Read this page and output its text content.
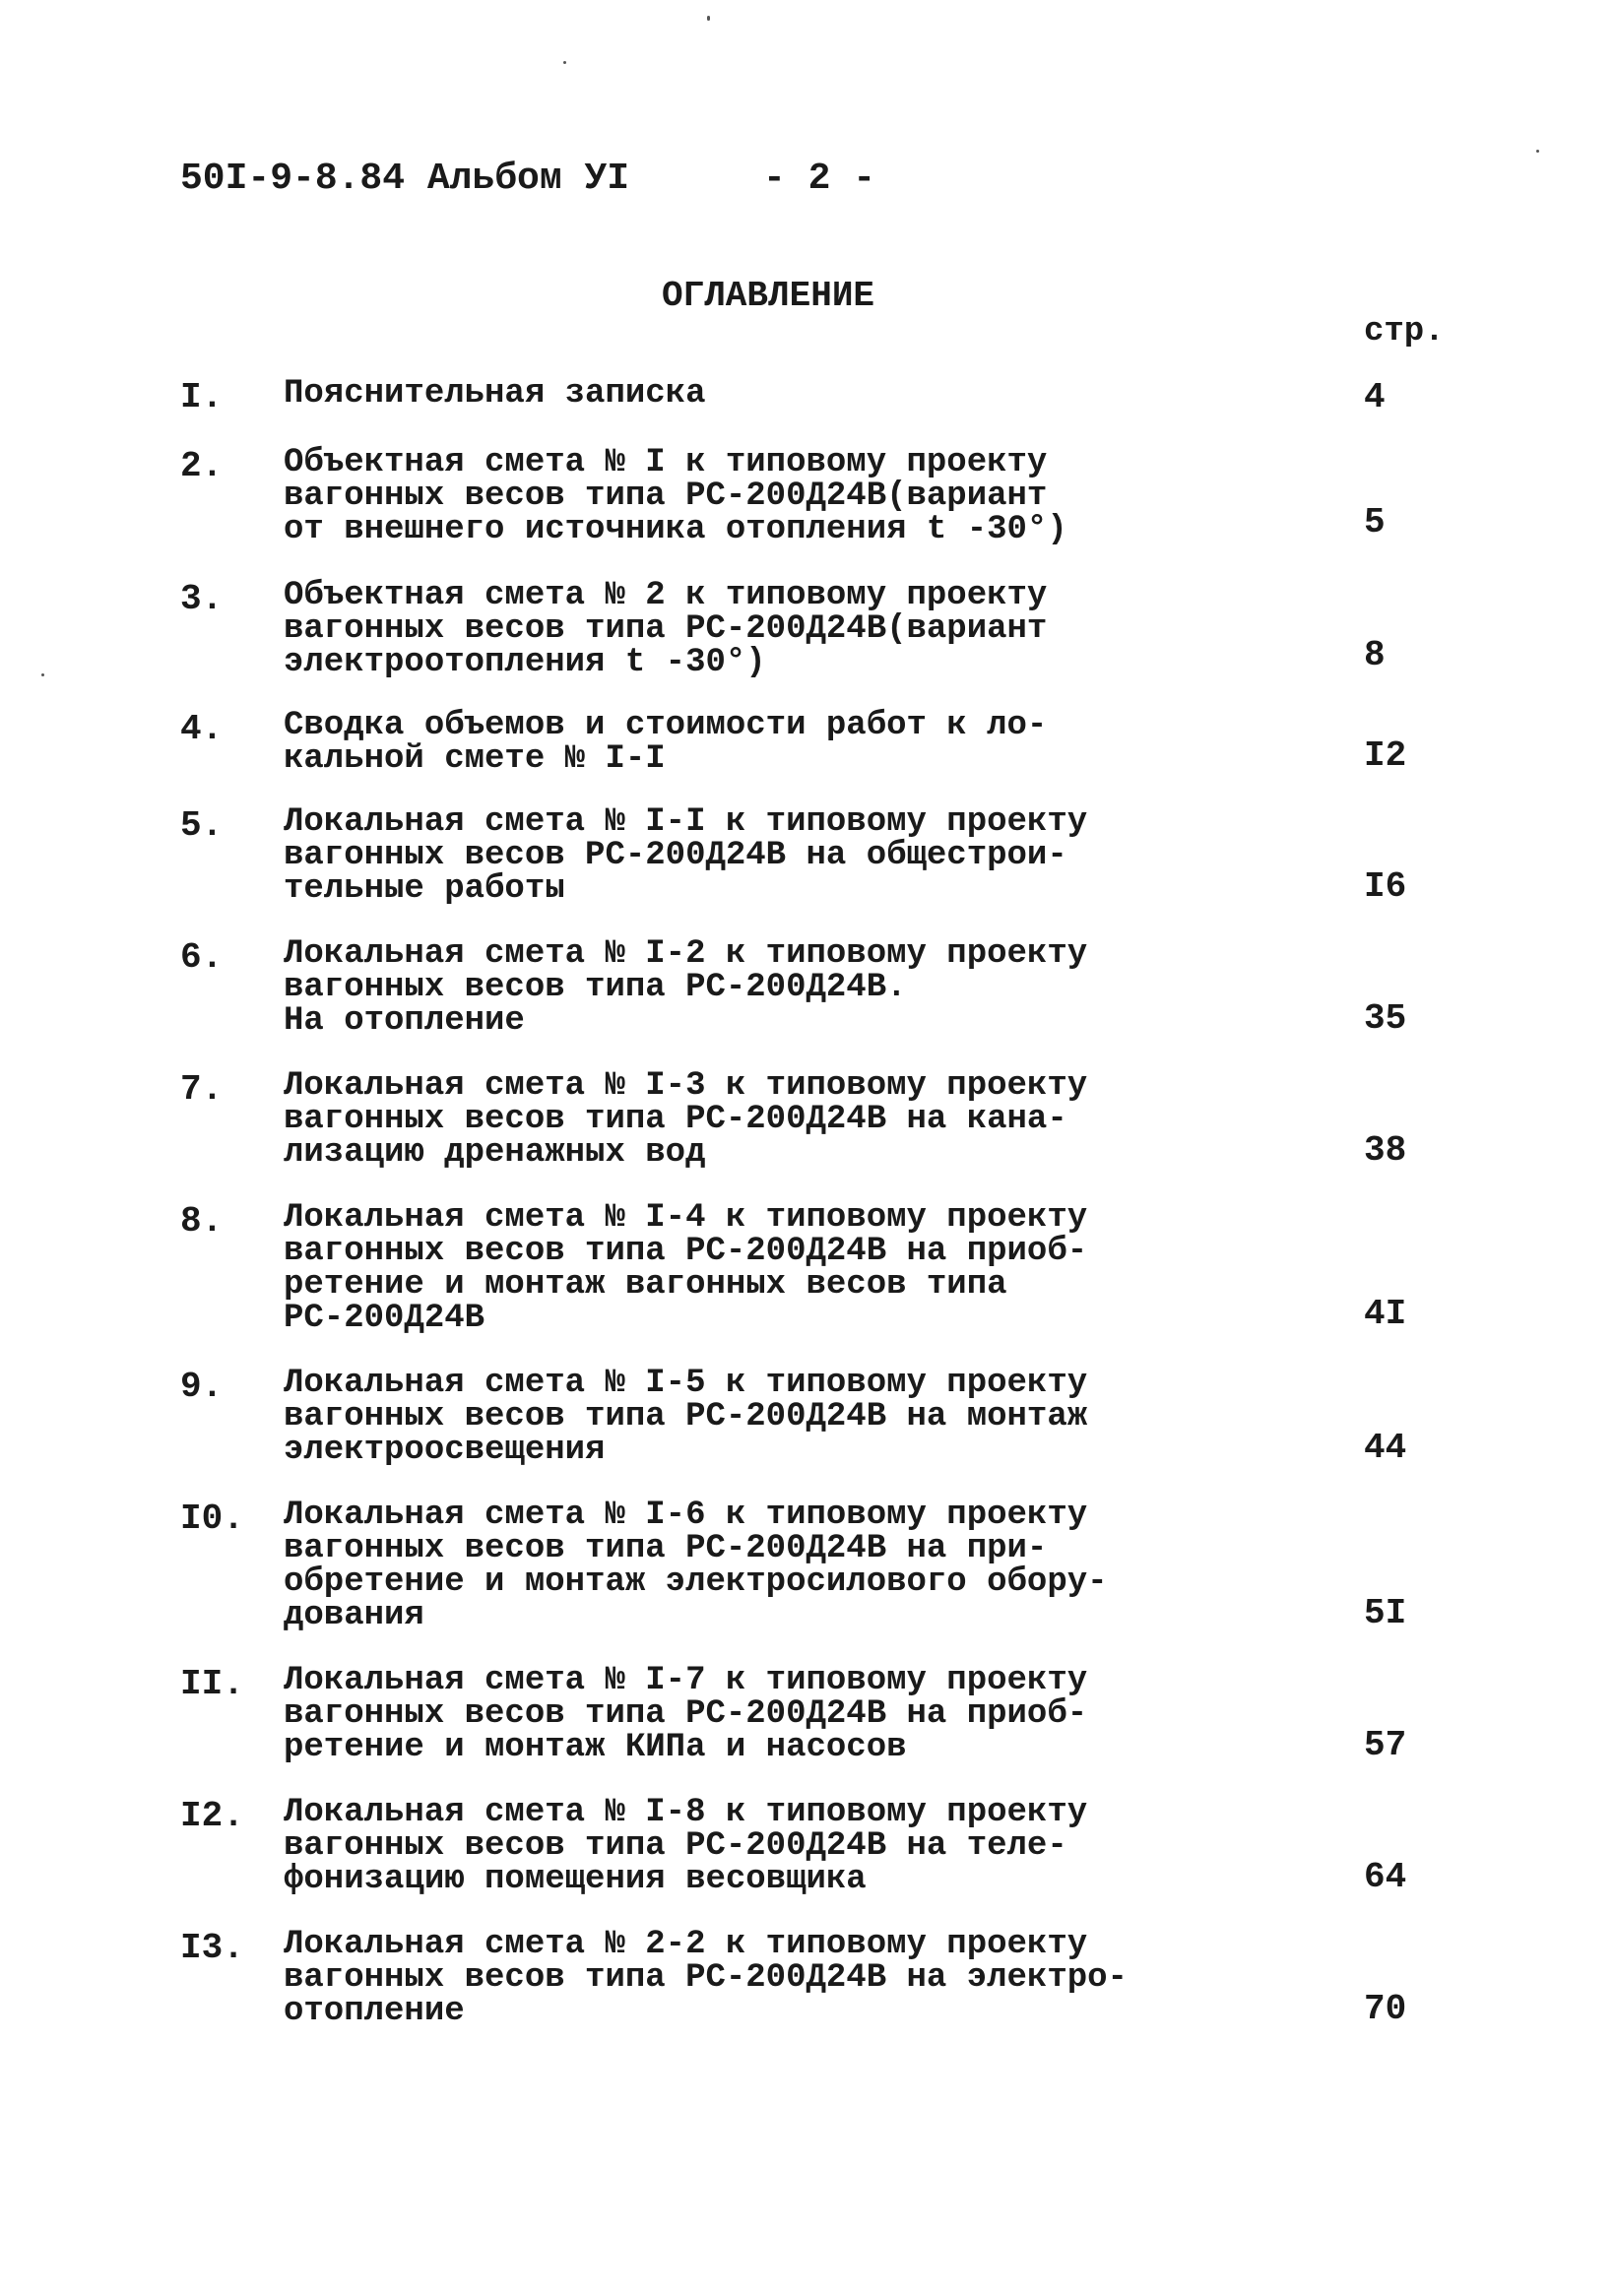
50I-9-8.84 Альбом УI	- 2 -
ОГЛАВЛЕНИЕ
стр.
I. Пояснительная записка	4
2. Объектная смета № I к типовому проекту
вагонных весов типа РС-200Д24В(вариант
от внешнего источника отопления t -30°)	5
3. Объектная смета № 2 к типовому проекту
вагонных весов типа РС-200Д24В(вариант
электроотопления t -30°)	8
4. Сводка объемов и стоимости работ к ло-
кальной смете № I-I	I2
5. Локальная смета № I-I к типовому проекту
вагонных весов РС-200Д24В на общестрои-
тельные работы	I6
6. Локальная смета № I-2 к типовому проекту
вагонных весов типа РС-200Д24В.
На отопление	35
7. Локальная смета № I-3 к типовому проекту
вагонных весов типа РС-200Д24В на кана-
лизацию дренажных вод	38
8. Локальная смета № I-4 к типовому проекту
вагонных весов типа РС-200Д24В на приоб-
ретение и монтаж вагонных весов типа
РС-200Д24В	4I
9. Локальная смета № I-5 к типовому проекту
вагонных весов типа РС-200Д24В на монтаж
электроосвещения	44
I0. Локальная смета № I-6 к типовому проекту
вагонных весов типа РС-200Д24В на при-
обретение и монтаж электросилового обору-
дования	5I
II. Локальная смета № I-7 к типовому проекту
вагонных весов типа РС-200Д24В на приоб-
ретение и монтаж КИПа и насосов	57
I2. Локальная смета № I-8 к типовому проекту
вагонных весов типа РС-200Д24В на теле-
фонизацию помещения весовщика	64
I3. Локальная смета № 2-2 к типовому проекту
вагонных весов типа РС-200Д24В на электро-
отопление	70
